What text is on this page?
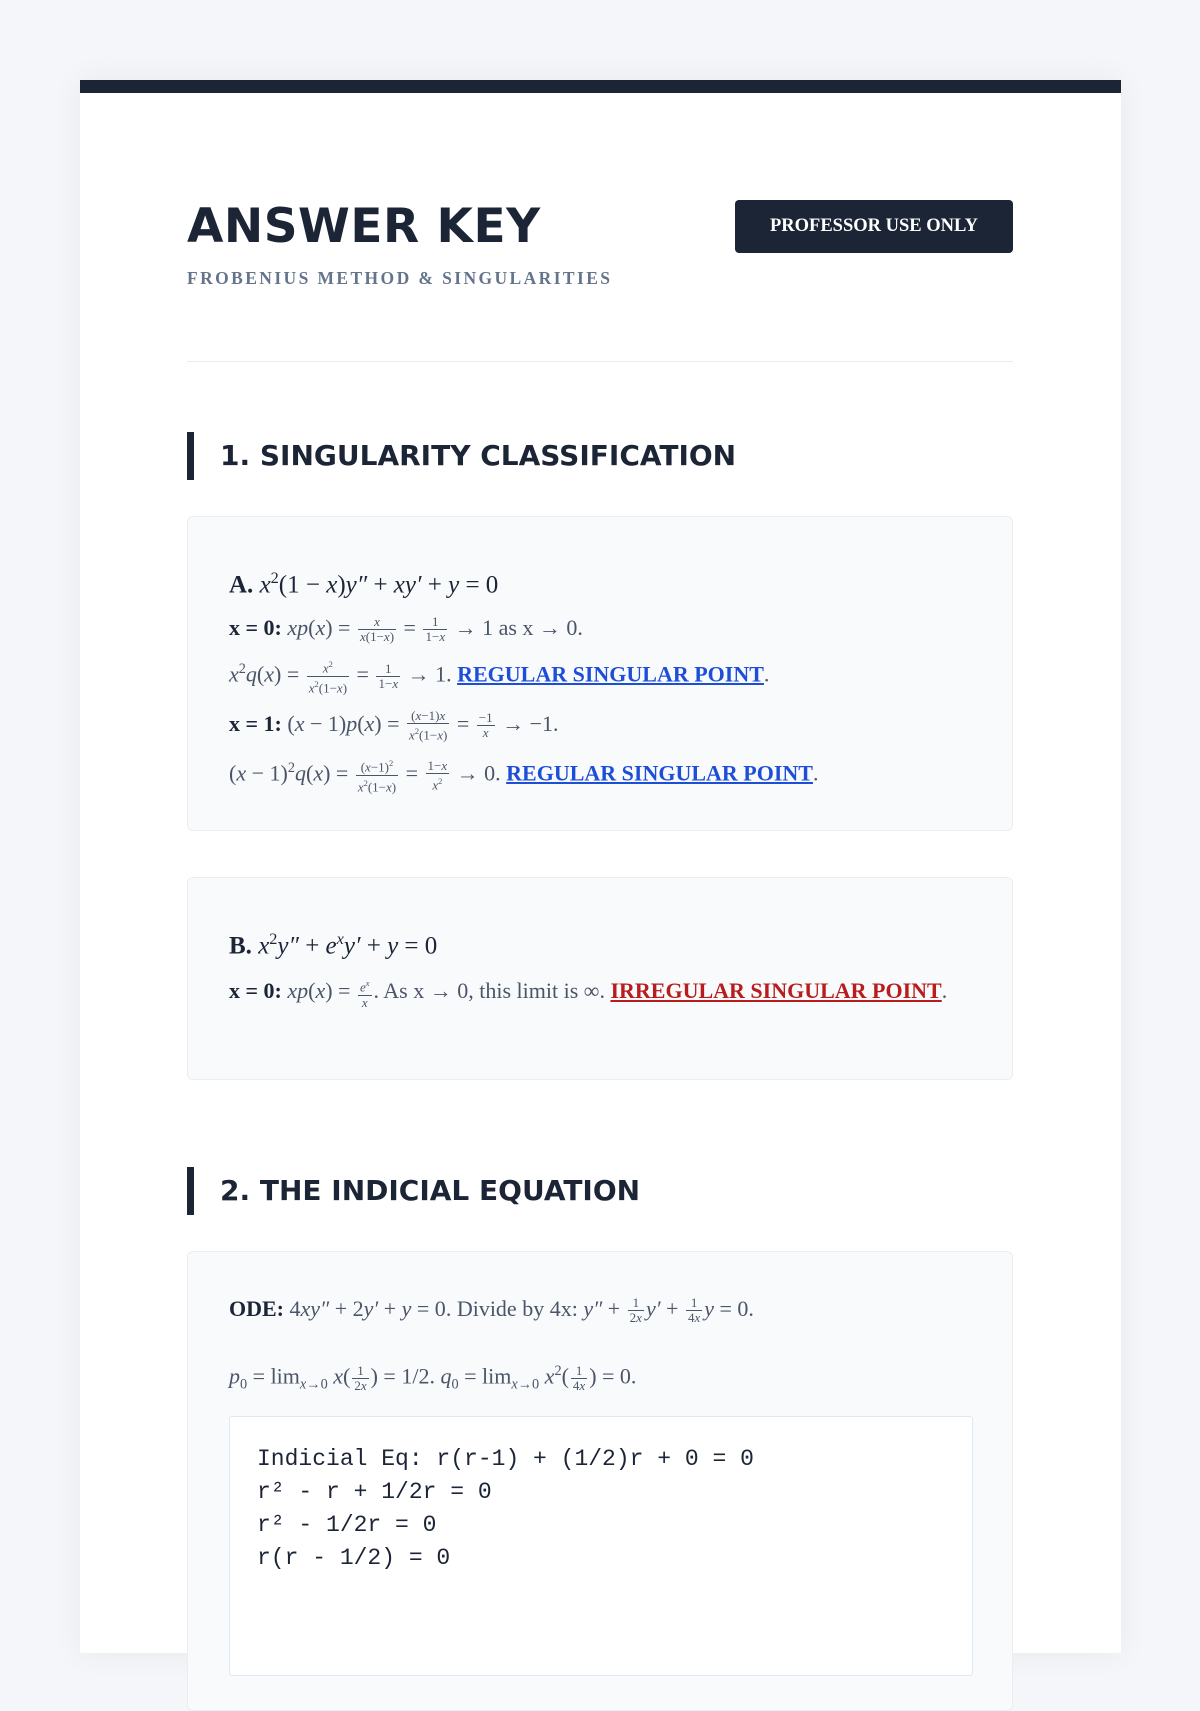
ANSWER KEY
FROBENIUS METHOD & SINGULARITIES
PROFESSOR USE ONLY
1. SINGULARITY CLASSIFICATION
A. $x^2(1 - x)y'' + xy' + y = 0$
x = 0: $xp(x) = \frac{x}{x(1-x)} = \frac{1}{1-x} \to 1$ as x → 0.
$x^2q(x) = \frac{x^2}{x^2(1-x)} = \frac{1}{1-x} \to 1$. REGULAR SINGULAR POINT.
x = 1: $(x - 1)p(x) = \frac{(x-1)x}{x^2(1-x)} = \frac{-1}{x} \to -1$.
$(x - 1)^2q(x) = \frac{(x-1)^2}{x^2(1-x)} = \frac{1-x}{x^2} \to 0$. REGULAR SINGULAR POINT.
B. $x^2y'' + e^xy' + y = 0$
x = 0: $xp(x) = \frac{e^x}{x}$ . As x → 0, this limit is ∞. IRREGULAR SINGULAR POINT.
2. THE INDICIAL EQUATION
ODE: 4xy″ + 2y′ + y = 0. Divide by 4x: $y'' + \frac{1}{2x} y' + \frac{1}{4x}$ y = 0.
$p_0 = \lim_{x\to 0} x( \frac{1}{2x}$ ) = 1/2. $q_0 = \lim_{x\to 0} x^2( \frac{1}{4x}$ ) = 0.
Indicial Eq: r(r-1) + (1/2)r + 0 = 0
r² - r + 1/2r = 0
r² - 1/2r = 0
r(r - 1/2) = 0
